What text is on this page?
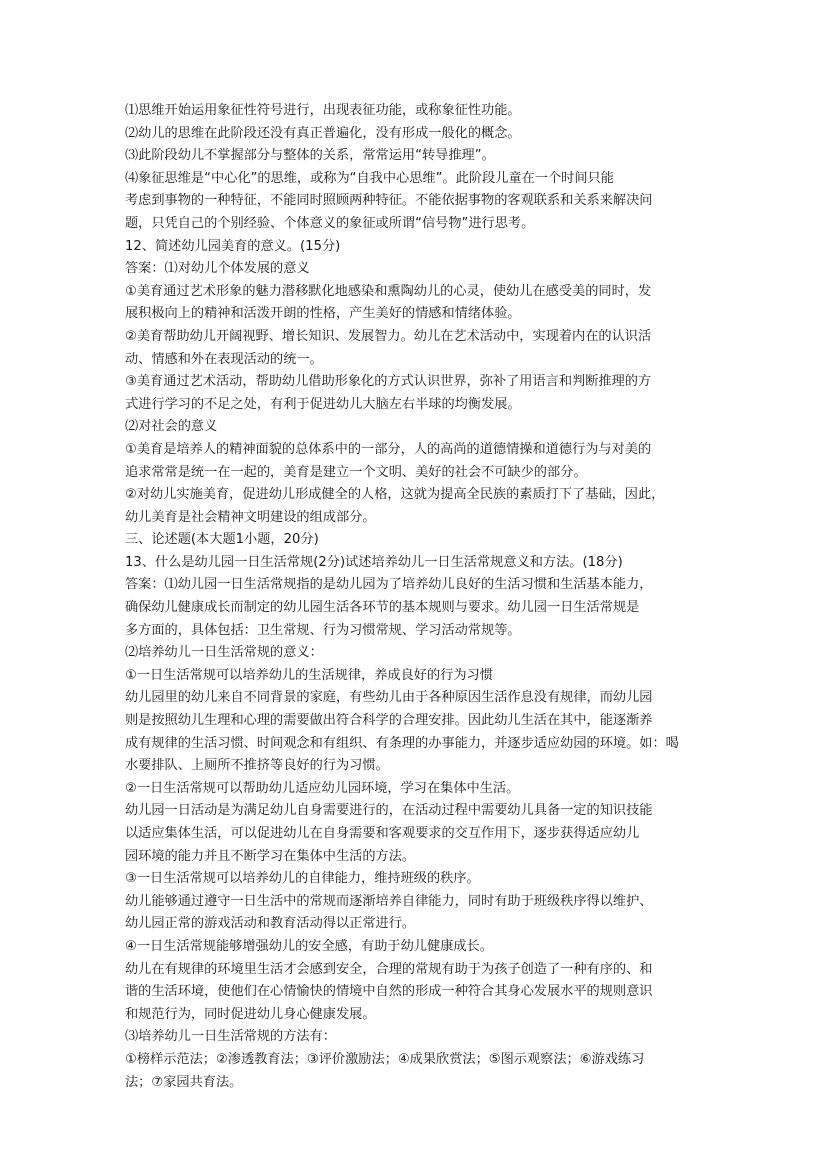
⑴思维开始运用象征性符号进行，出现表征功能，或称象征性功能。
⑵幼儿的思维在此阶段还没有真正普遍化，没有形成一般化的概念。
⑶此阶段幼儿不掌握部分与整体的关系，常常运用“转导推理”。
⑷象征思维是“中心化”的思维，或称为“自我中心思维”。此阶段儿童在一个时间只能
考虑到事物的一种特征，不能同时照顾两种特征。不能依据事物的客观联系和关系来解决问
题，只凭自己的个别经验、个体意义的象征或所谓“信号物”进行思考。
12、简述幼儿园美育的意义。(15分)
答案：⑴对幼儿个体发展的意义
①美育通过艺术形象的魅力潜移默化地感染和熏陶幼儿的心灵，使幼儿在感受美的同时，发
展积极向上的精神和活泼开朗的性格，产生美好的情感和情绪体验。
②美育帮助幼儿开阔视野、增长知识、发展智力。幼儿在艺术活动中，实现着内在的认识活
动、情感和外在表现活动的统一。
③美育通过艺术活动，帮助幼儿借助形象化的方式认识世界，弥补了用语言和判断推理的方
式进行学习的不足之处，有利于促进幼儿大脑左右半球的均衡发展。
⑵对社会的意义
①美育是培养人的精神面貌的总体系中的一部分，人的高尚的道德情操和道德行为与对美的
追求常常是统一在一起的，美育是建立一个文明、美好的社会不可缺少的部分。
②对幼儿实施美育，促进幼儿形成健全的人格，这就为提高全民族的素质打下了基础，因此，
幼儿美育是社会精神文明建设的组成部分。
三、论述题(本大题1小题，20分)
13、什么是幼儿园一日生活常规(2分)试述培养幼儿一日生活常规意义和方法。(18分)
答案：⑴幼儿园一日生活常规指的是幼儿园为了培养幼儿良好的生活习惯和生活基本能力，
确保幼儿健康成长而制定的幼儿园生活各环节的基本规则与要求。幼儿园一日生活常规是
多方面的，具体包括：卫生常规、行为习惯常规、学习活动常规等。
⑵培养幼儿一日生活常规的意义：
①一日生活常规可以培养幼儿的生活规律，养成良好的行为习惯
幼儿园里的幼儿来自不同背景的家庭，有些幼儿由于各种原因生活作息没有规律，而幼儿园
则是按照幼儿生理和心理的需要做出符合科学的合理安排。因此幼儿生活在其中，能逐渐养
成有规律的生活习惯、时间观念和有组织、有条理的办事能力，并逐步适应幼园的环境。如：喝
水要排队、上厕所不推挤等良好的行为习惯。
②一日生活常规可以帮助幼儿适应幼儿园环境，学习在集体中生活。
幼儿园一日活动是为满足幼儿自身需要进行的，在活动过程中需要幼儿具备一定的知识技能
以适应集体生活，可以促进幼儿在自身需要和客观要求的交互作用下，逐步获得适应幼儿
园环境的能力并且不断学习在集体中生活的方法。
③一日生活常规可以培养幼儿的自律能力，维持班级的秩序。
幼儿能够通过遵守一日生活中的常规而逐渐培养自律能力，同时有助于班级秩序得以维护、
幼儿园正常的游戏活动和教育活动得以正常进行。
④一日生活常规能够增强幼儿的安全感，有助于幼儿健康成长。
幼儿在有规律的环境里生活才会感到安全，合理的常规有助于为孩子创造了一种有序的、和
谐的生活环境，使他们在心情愉快的情境中自然的形成一种符合其身心发展水平的规则意识
和规范行为，同时促进幼儿身心健康发展。
⑶培养幼儿一日生活常规的方法有：
①榜样示范法；②渗透教育法；③评价激励法；④成果欣赏法；⑤图示观察法；⑥游戏练习
法；⑦家园共育法。
